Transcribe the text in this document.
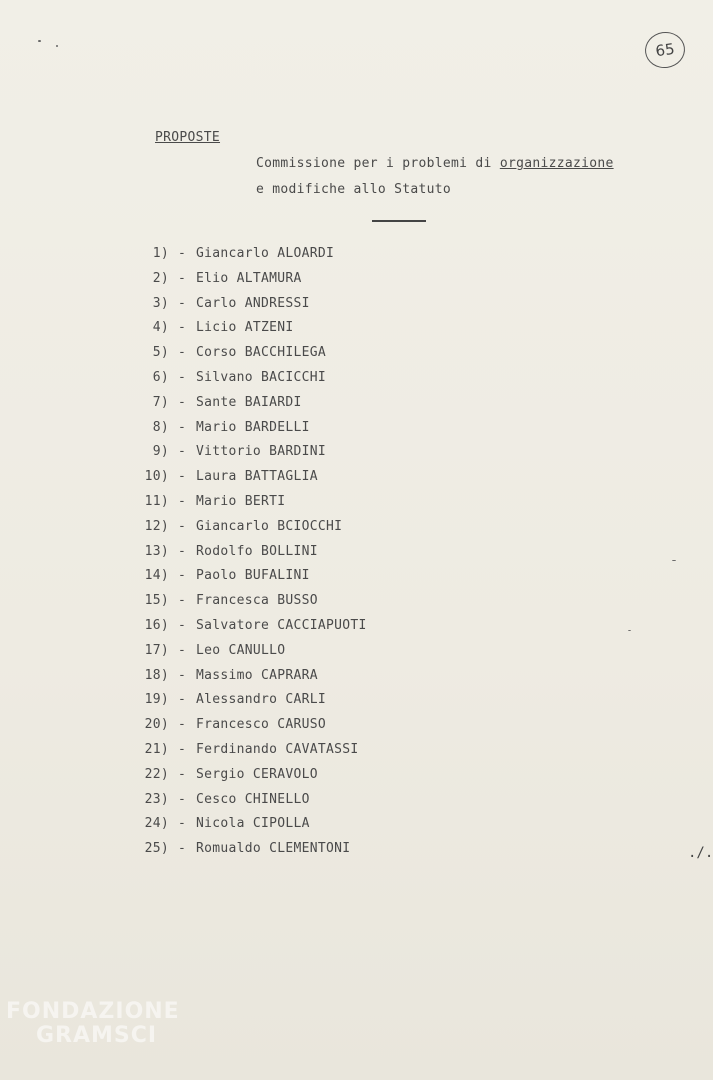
65
PROPOSTE
Commissione per i problemi di organizzazione
e modifiche allo Statuto
1) - Giancarlo ALOARDI
2) - Elio ALTAMURA
3) - Carlo ANDRESSI
4) - Licio ATZENI
5) - Corso BACCHILEGA
6) - Silvano BACICCHI
7) - Sante BAIARDI
8) - Mario BARDELLI
9) - Vittorio BARDINI
10) - Laura BATTAGLIA
11) - Mario BERTI
12) - Giancarlo BCIOCCHI
13) - Rodolfo BOLLINI
14) - Paolo BUFALINI
15) - Francesca BUSSO
16) - Salvatore CACCIAPUOTI
17) - Leo CANULLO
18) - Massimo CAPRARA
19) - Alessandro CARLI
20) - Francesco CARUSO
21) - Ferdinando CAVATASSI
22) - Sergio CERAVOLO
23) - Cesco CHINELLO
24) - Nicola CIPOLLA
25) - Romualdo CLEMENTONI	./.
FONDAZIONE
GRAMSCI
